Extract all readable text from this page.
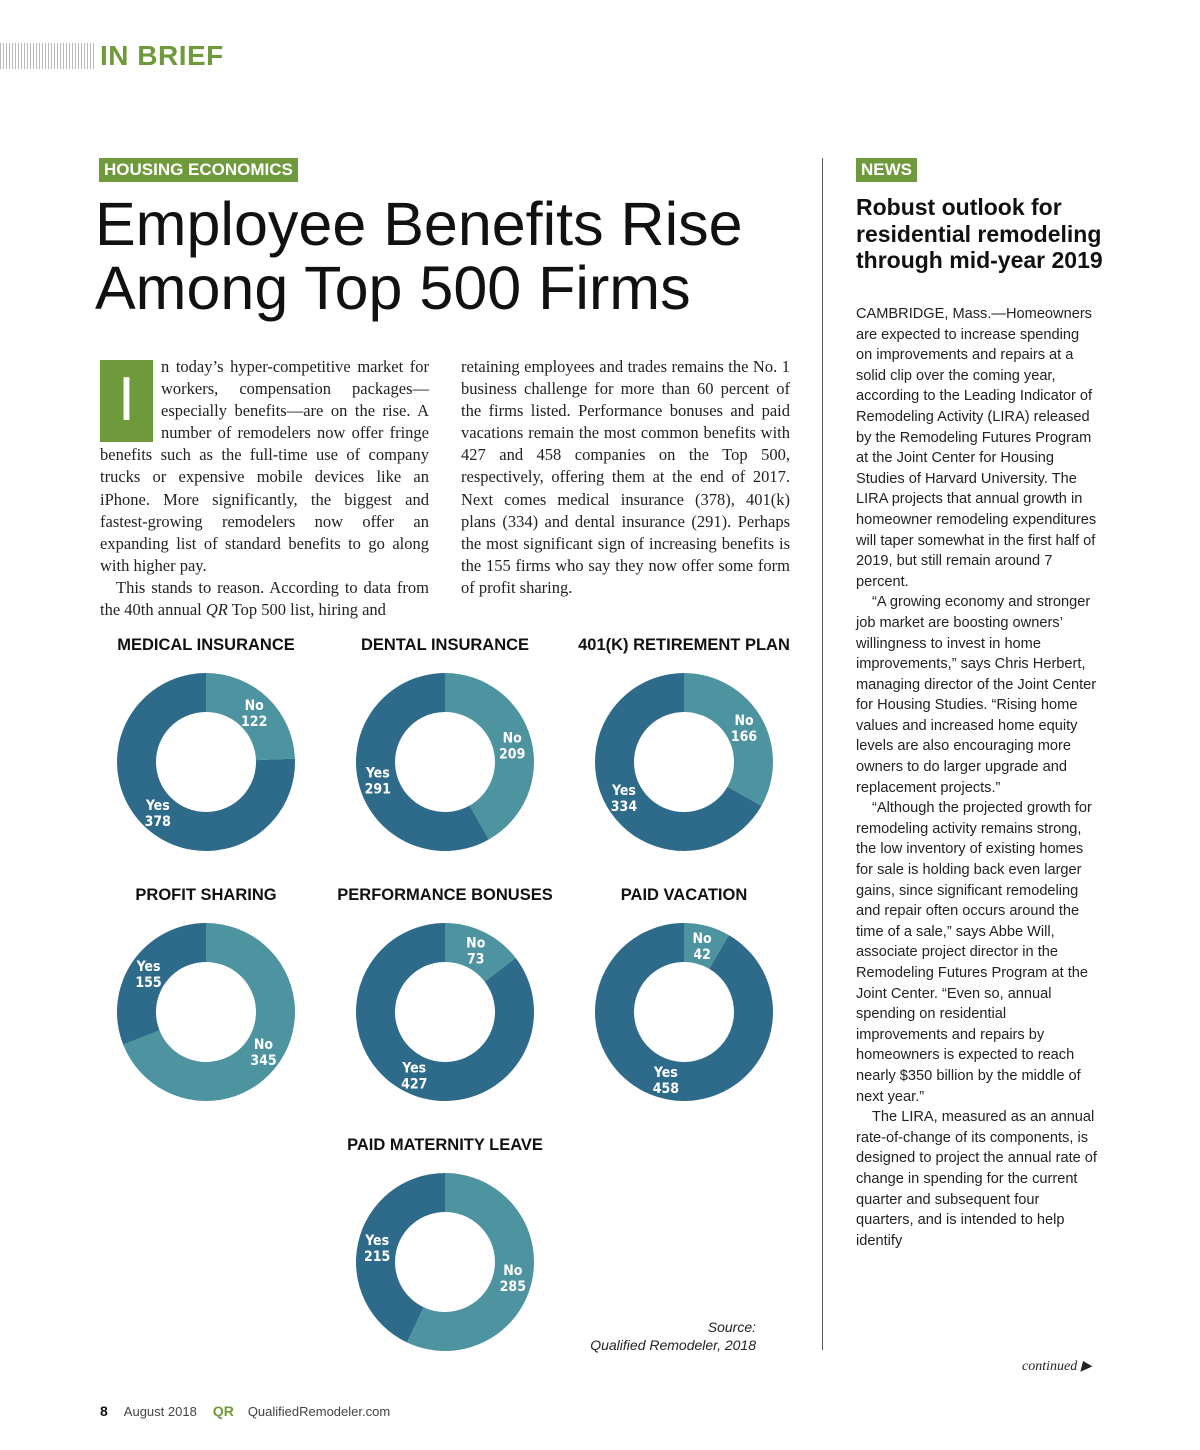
IN BRIEF
HOUSING ECONOMICS
Employee Benefits Rise
Among Top 500 Firms
I	n today’s hyper-competitive market for workers, compensation packages—especially benefits—are on the rise. A number of remodelers now offer fringe benefits such as the full-time use of company trucks or expensive mobile devices like an iPhone. More significantly, the biggest and fastest-growing remodelers now offer an expanding list of standard benefits to go along with higher pay.

This stands to reason. According to data from the 40th annual QR Top 500 list, hiring and

retaining employees and trades remains the No. 1 business challenge for more than 60 percent of the firms listed. Performance bonuses and paid vacations remain the most common benefits with 427 and 458 companies on the Top 500, respectively, offering them at the end of 2017. Next comes medical insurance (378), 401(k) plans (334) and dental insurance (291). Perhaps the most significant sign of increasing benefits is the 155 firms who say they now offer some form of profit sharing.

NEWS
Robust outlook for residential remodeling through mid-year 2019

CAMBRIDGE, Mass.—Homeowners are expected to increase spending on improvements and repairs at a solid clip over the coming year, according to the Leading Indicator of Remodeling Activity (LIRA) released by the Remodeling Futures Program at the Joint Center for Housing Studies of Harvard University. The LIRA projects that annual growth in homeowner remodeling expenditures will taper somewhat in the first half of 2019, but still remain around 7 percent.

“A growing economy and stronger job market are boosting owners’ willingness to invest in home improvements,” says Chris Herbert, managing director of the Joint Center for Housing Studies. “Rising home values and increased home equity levels are also encouraging more owners to do larger upgrade and replacement projects.”

“Although the projected growth for remodeling activity remains strong, the low inventory of existing homes for sale is holding back even larger gains, since significant remodeling and repair often occurs around the time of a sale,” says Abbe Will, associate project director in the Remodeling Futures Program at the Joint Center. “Even so, annual spending on residential improvements and repairs by homeowners is expected to reach nearly $350 billion by the middle of next year.”

The LIRA, measured as an annual rate-of-change of its components, is designed to project the annual rate of change in spending for the current quarter and subsequent four quarters, and is intended to help identify

continued ▶
MEDICAL INSURANCE
Yes 378
No 122
DENTAL INSURANCE
Yes 291
No 209
401(K) RETIREMENT PLAN
Yes 334
No 166
PROFIT SHARING
Yes 155
No 345
PERFORMANCE BONUSES
Yes 427
No 73
PAID VACATION
Yes 458
No 42
PAID MATERNITY LEAVE
Yes 215
No 285
Source:
Qualified Remodeler, 2018
8 August 2018 QR QualifiedRemodeler.com
